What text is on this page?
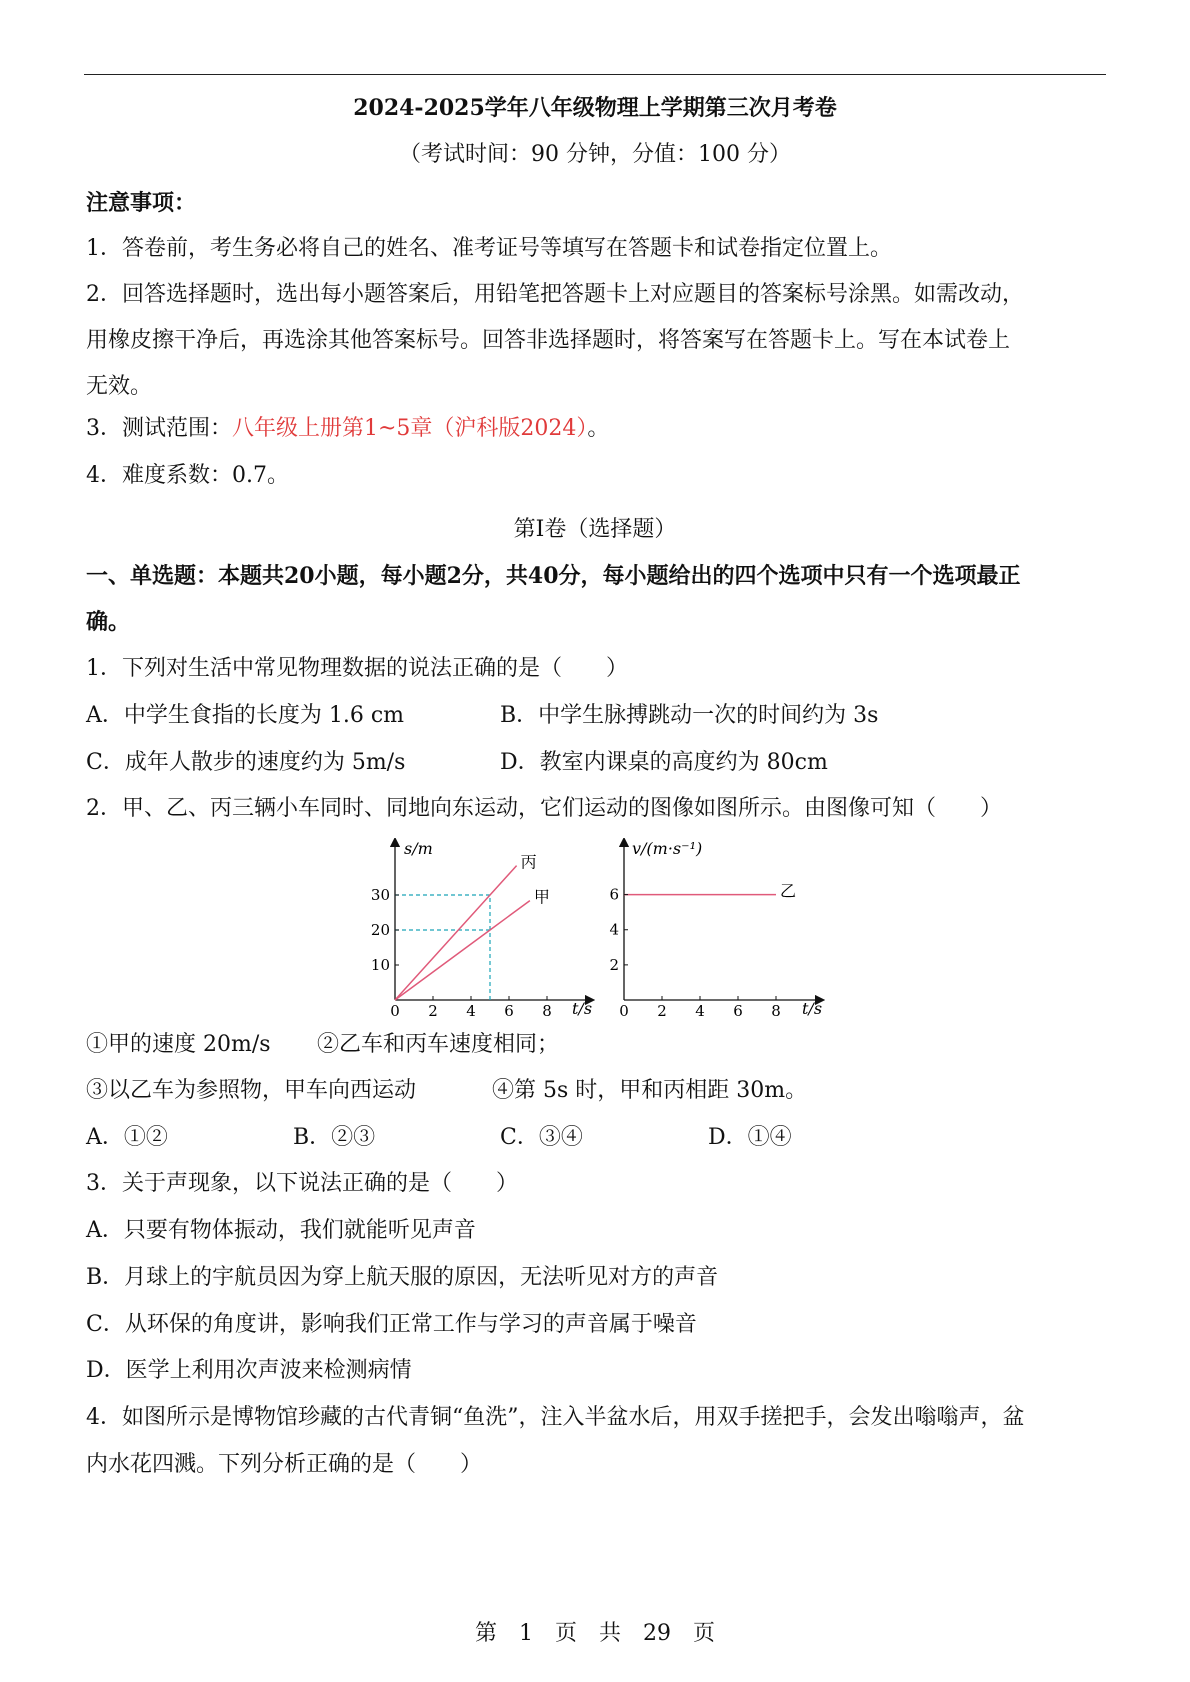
2024-2025学年八年级物理上学期第三次月考卷
（考试时间：90 分钟，分值：100 分）
注意事项：
1．答卷前，考生务必将自己的姓名、准考证号等填写在答题卡和试卷指定位置上。
2．回答选择题时，选出每小题答案后，用铅笔把答题卡上对应题目的答案标号涂黑。如需改动，
用橡皮擦干净后，再选涂其他答案标号。回答非选择题时，将答案写在答题卡上。写在本试卷上
无效。
3．测试范围：八年级上册第1~5章（沪科版2024）。
4．难度系数：0.7。
第I卷（选择题）
一、单选题：本题共20小题，每小题2分，共40分，每小题给出的四个选项中只有一个选项最正
确。
1．下列对生活中常见物理数据的说法正确的是（　　）
A．中学生食指的长度为 1.6 cm	B．中学生脉搏跳动一次的时间约为 3s
C．成年人散步的速度约为 5m/s	D．教室内课桌的高度约为 80cm
2．甲、乙、丙三辆小车同时、同地向东运动，它们运动的图像如图所示。由图像可知（　　）
丙
甲
0 2 4 6 8
10
20
30
s/m
t/s
乙
0 2 4 6 8
2
4
6
v/(m·s⁻¹)
t/s
①甲的速度 20m/s ②乙车和丙车速度相同；
③以乙车为参照物，甲车向西运动	④第 5s 时，甲和丙相距 30m。
A．①②	B．②③	C．③④	D．①④
3．关于声现象，以下说法正确的是（　　）
A．只要有物体振动，我们就能听见声音
B．月球上的宇航员因为穿上航天服的原因，无法听见对方的声音
C．从环保的角度讲，影响我们正常工作与学习的声音属于噪音
D．医学上利用次声波来检测病情
4．如图所示是博物馆珍藏的古代青铜“鱼洗”，注入半盆水后，用双手搓把手，会发出嗡嗡声，盆
内水花四溅。下列分析正确的是（　　）
第　1　页　共　29　页
